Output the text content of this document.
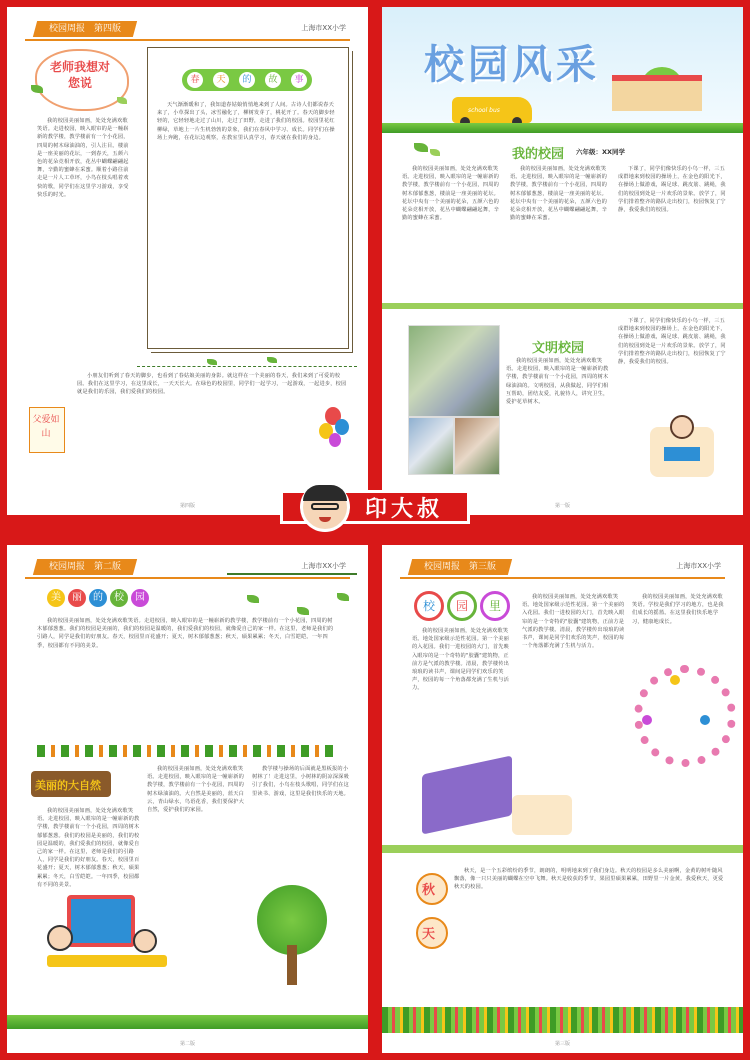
校园周报　第四版	上海市XX小学
老师我想对您说
我的校园美丽如画，处处充满欢歌笑语。走进校园，映入眼帘的是一幢崭新的教学楼，教学楼前有一个小花园，四周的树木绿油油的，引人注目。楼前是一座美丽的花坛，一到春天，五颜六色的花朵竞相开放，花丛中蝴蝶翩翩起舞，辛勤的蜜蜂在采蜜。顺着小路往前走是一片人工草坪，小鸟在枝头唱着欢快的歌，同学们在这里学习游戏，享受快乐的时光。
春	天	的	故	事
天气渐渐暖和了，我知道春姑娘悄悄地来到了人间。古诗人们都说春天来了，小草探出了头，冰雪融化了，柳树发芽了，桃花开了。春天的脚步轻轻的，它轻轻地走过了山川，走过了田野，走进了我们的校园。校园里花红柳绿，草地上一片生机勃勃的景象，我们在春风中学习、成长。同学们在操场上奔跑，在花坛边观察，在教室里认真学习，春天就在我们的身边。
小朋友们听到了春天的脚步，也看到了春姑娘美丽的身影。就这样在一个美丽的春天，我们来到了可爱的校园。我们在这里学习，在这里成长，一天天长大。在绿色的校园里，同学们一起学习，一起游戏，一起进步，校园就是我们的乐园，我们爱我们的校园。
父爱如山
第四版
校园风采
school bus
我的校园 六年级：XX同学
我的校园美丽如画，处处充满欢歌笑语。走进校园，映入眼帘的是一幢崭新的教学楼，教学楼前有一个小花园，四周的树木郁郁葱葱，楼前是一座美丽的花坛。花坛中央有一个美丽的花朵，五颜六色的花朵竞相开放，花丛中蝴蝶翩翩起舞，辛勤的蜜蜂在采蜜。
我的校园美丽如画，处处充满欢歌笑语。走进校园，映入眼帘的是一幢崭新的教学楼，教学楼前有一个小花园，四周的树木郁郁葱葱，楼前是一座美丽的花坛。花坛中央有一个美丽的花朵，五颜六色的花朵竞相开放，花丛中蝴蝶翩翩起舞，辛勤的蜜蜂在采蜜。
下课了，同学们像快乐的小鸟一样，三五成群地来到校园的操场上，在金色的阳光下，在操场上做游戏，踢足球、跳皮筋、跳绳，我们的校园到处是一片欢乐的景象。放学了，同学们排着整齐的路队走出校门，校园恢复了宁静，我爱我们的校园。
文明校园
我的校园美丽如画，处处充满欢歌笑语。走进校园，映入眼帘的是一幢崭新的教学楼，教学楼前有一个小花园，四周的树木绿油油的。文明校园，从我做起，同学们相互帮助，团结友爱，礼貌待人，讲究卫生，爱护花草树木。
下课了，同学们像快乐的小鸟一样，三五成群地来到校园的操场上，在金色的阳光下，在操场上做游戏，踢足球、跳皮筋、跳绳，我们的校园到处是一片欢乐的景象。放学了，同学们排着整齐的路队走出校门，校园恢复了宁静，我爱我们的校园。
第一版
校园周报　第二版	上海市XX小学
美	丽	的	校	园
我的校园美丽如画，处处充满欢歌笑语。走进校园，映入眼帘的是一幢崭新的教学楼，教学楼前有一个小花园，四周的树木郁郁葱葱。我们的校园是美丽的，我们的校园是温暖的，我们爱我们的校园，就像爱自己的家一样。在这里，老师是我们的引路人，同学是我们的好朋友。春天，校园里百花盛开；夏天，树木郁郁葱葱；秋天，硕果累累；冬天，白雪皑皑。一年四季，校园都有不同的美景。
美丽的大自然
我的校园美丽如画，处处充满欢歌笑语。走进校园，映入眼帘的是一幢崭新的教学楼，教学楼前有一个小花园，四周的树木绿油油的。大自然是美丽的，蓝天白云，青山绿水，鸟语花香，我们要保护大自然，爱护我们的家园。
我的校园美丽如画，处处充满欢歌笑语。走进校园，映入眼帘的是一幢崭新的教学楼，教学楼前有一个小花园，四周的树木郁郁葱葱。我们的校园是美丽的，我们的校园是温暖的，我们爱我们的校园，就像爱自己的家一样。在这里，老师是我们的引路人，同学是我们的好朋友。春天，校园里百花盛开；夏天，树木郁郁葱葱；秋天，硕果累累；冬天，白雪皑皑。一年四季，校园都有不同的美景。
教学楼与操场的后面就是黑板报的小树林了！走进这里，小树林的阴凉深深吸引了我们，小鸟在枝头歌唱，同学们在这里读书、游戏，这里是我们快乐的天地。
第二版
校园周报　第三版	上海市XX小学
校	园	里
我的校园美丽如画，处处充满欢歌笑语。地处国家级示范性花园。第一个美丽的入花园。我们一进校园的大门，首先映入眼帘的是一个奇特的"胶囊"建筑物，正前方是气派的教学楼。清晨，教学楼传出琅琅的读书声，课间是同学们欢乐的笑声，校园的每一个角落都充满了生机与活力。
我的校园美丽如画，处处充满欢歌笑语。地处国家级示范性花园。第一个美丽的入花园。我们一进校园的大门，首先映入眼帘的是一个奇特的"胶囊"建筑物，正前方是气派的教学楼。清晨，教学楼传出琅琅的读书声，课间是同学们欢乐的笑声，校园的每一个角落都充满了生机与活力。
我的校园美丽如画，处处充满欢歌笑语。学校是我们学习的地方，也是我们成长的摇篮。在这里我们快乐地学习，健康地成长。
秋
天
秋天，是一个五彩缤纷的季节，朗朗的，明明地来到了我们身边。秋天的校园是多么美丽啊，金黄的树叶随风飘落，像一只只美丽的蝴蝶在空中飞舞。秋天是收获的季节，果园里硕果累累，田野里一片金黄。我爱秋天，更爱秋天的校园。
第三版
印大叔
